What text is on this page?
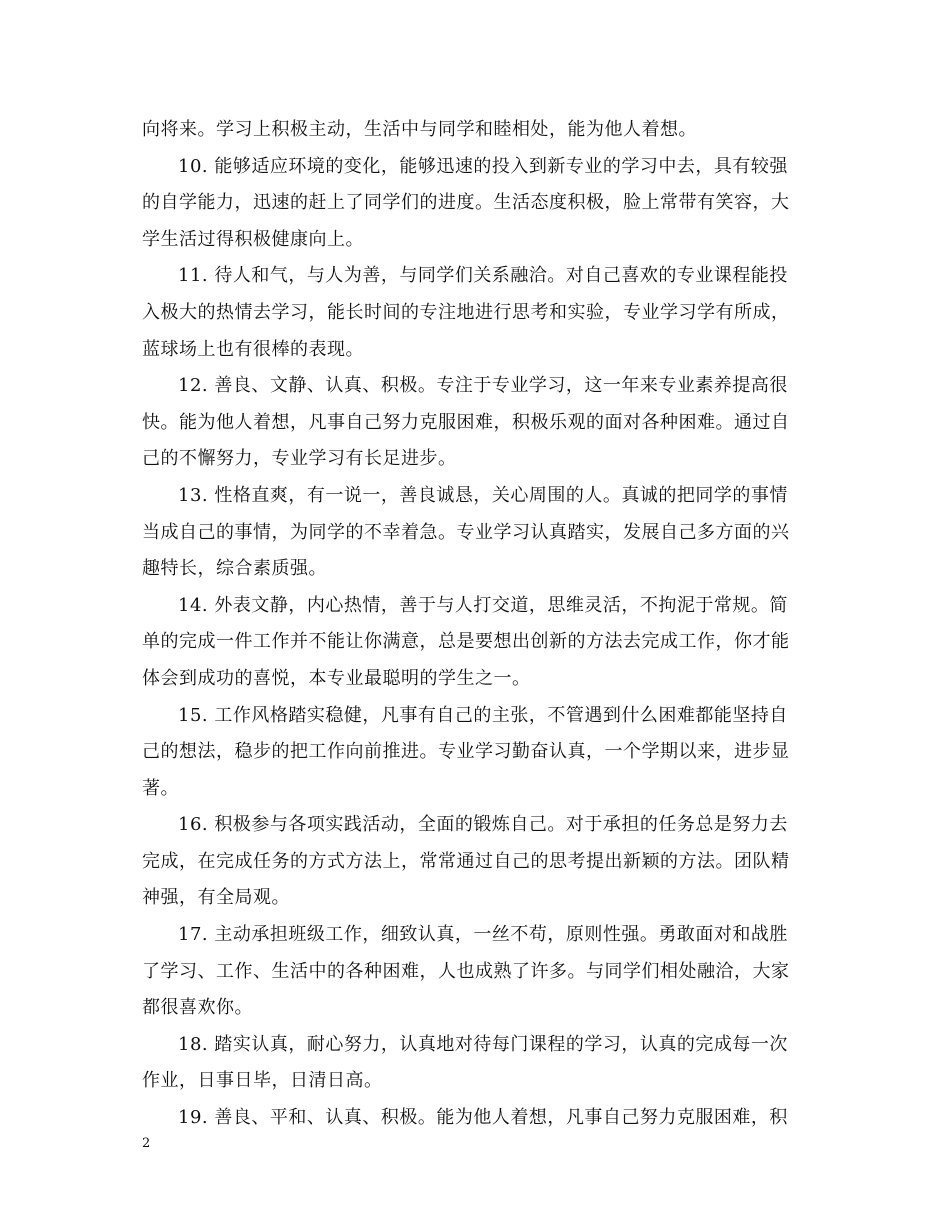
向将来。学习上积极主动，生活中与同学和睦相处，能为他人着想。
10. 能够适应环境的变化，能够迅速的投入到新专业的学习中去，具有较强
的自学能力，迅速的赶上了同学们的进度。生活态度积极，脸上常带有笑容，大
学生活过得积极健康向上。
11. 待人和气，与人为善，与同学们关系融洽。对自己喜欢的专业课程能投
入极大的热情去学习，能长时间的专注地进行思考和实验，专业学习学有所成，
蓝球场上也有很棒的表现。
12. 善良、文静、认真、积极。专注于专业学习，这一年来专业素养提高很
快。能为他人着想，凡事自己努力克服困难，积极乐观的面对各种困难。通过自
己的不懈努力，专业学习有长足进步。
13. 性格直爽，有一说一，善良诚恳，关心周围的人。真诚的把同学的事情
当成自己的事情，为同学的不幸着急。专业学习认真踏实，发展自己多方面的兴
趣特长，综合素质强。
14. 外表文静，内心热情，善于与人打交道，思维灵活，不拘泥于常规。简
单的完成一件工作并不能让你满意，总是要想出创新的方法去完成工作，你才能
体会到成功的喜悦，本专业最聪明的学生之一。
15. 工作风格踏实稳健，凡事有自己的主张，不管遇到什么困难都能坚持自
己的想法，稳步的把工作向前推进。专业学习勤奋认真，一个学期以来，进步显
著。
16. 积极参与各项实践活动，全面的锻炼自己。对于承担的任务总是努力去
完成，在完成任务的方式方法上，常常通过自己的思考提出新颖的方法。团队精
神强，有全局观。
17. 主动承担班级工作，细致认真，一丝不苟，原则性强。勇敢面对和战胜
了学习、工作、生活中的各种困难，人也成熟了许多。与同学们相处融洽，大家
都很喜欢你。
18. 踏实认真，耐心努力，认真地对待每门课程的学习，认真的完成每一次
作业，日事日毕，日清日高。
19. 善良、平和、认真、积极。能为他人着想，凡事自己努力克服困难，积
2
